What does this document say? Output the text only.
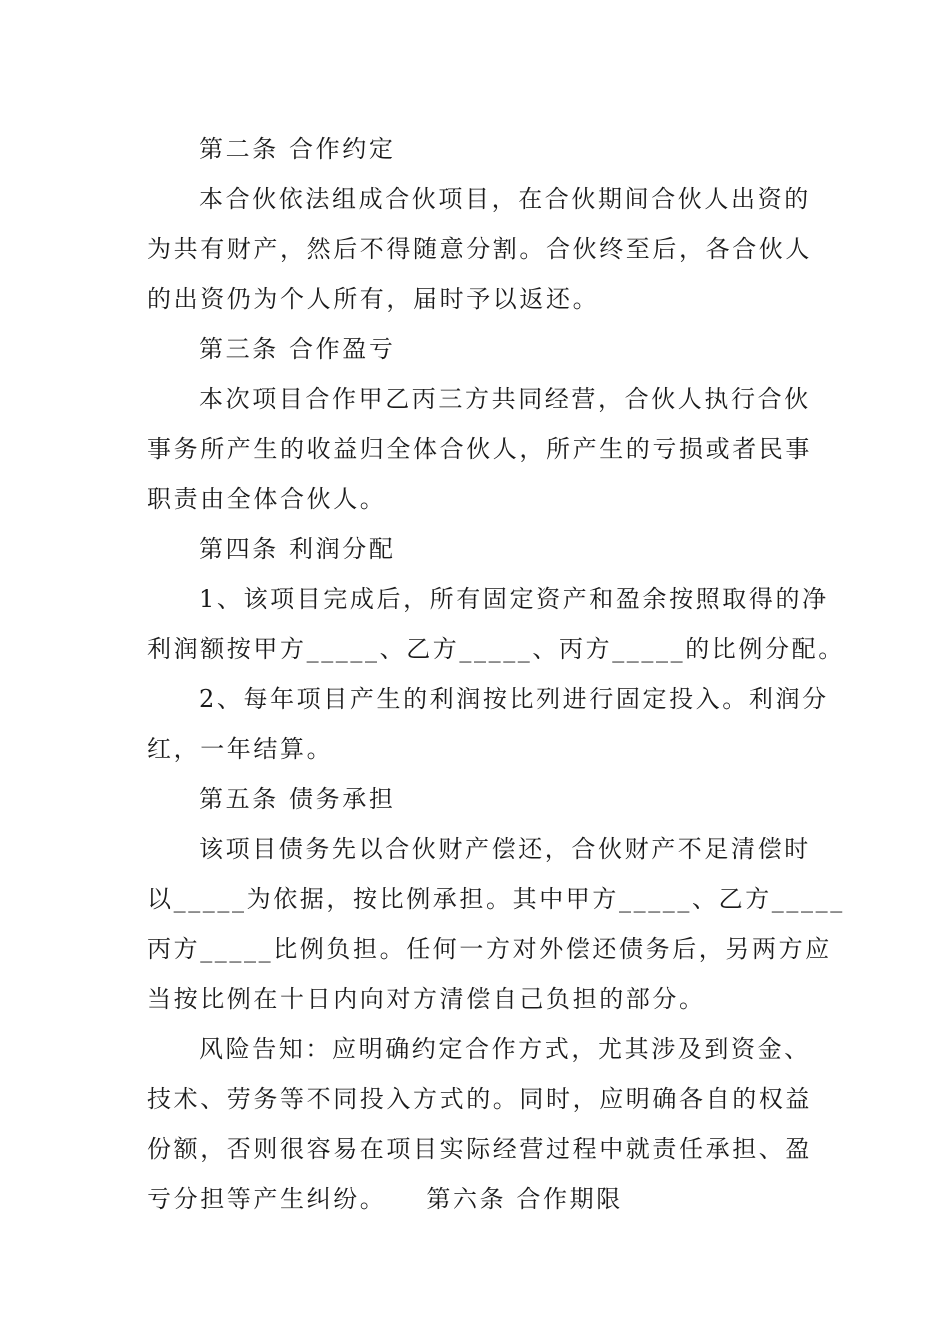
第二条 合作约定
本合伙依法组成合伙项目，在合伙期间合伙人出资的
为共有财产，然后不得随意分割。合伙终至后，各合伙人
的出资仍为个人所有，届时予以返还。
第三条 合作盈亏
本次项目合作甲乙丙三方共同经营，合伙人执行合伙
事务所产生的收益归全体合伙人，所产生的亏损或者民事
职责由全体合伙人。
第四条 利润分配
1、该项目完成后，所有固定资产和盈余按照取得的净
利润额按甲方_____、乙方_____、丙方_____的比例分配。
2、每年项目产生的利润按比列进行固定投入。利润分
红，一年结算。
第五条 债务承担
该项目债务先以合伙财产偿还，合伙财产不足清偿时
以_____为依据，按比例承担。其中甲方_____、乙方_____
丙方_____比例负担。任何一方对外偿还债务后，另两方应
当按比例在十日内向对方清偿自己负担的部分。
风险告知：应明确约定合作方式，尤其涉及到资金、
技术、劳务等不同投入方式的。同时，应明确各自的权益
份额，否则很容易在项目实际经营过程中就责任承担、盈
亏分担等产生纠纷。 第六条 合作期限
